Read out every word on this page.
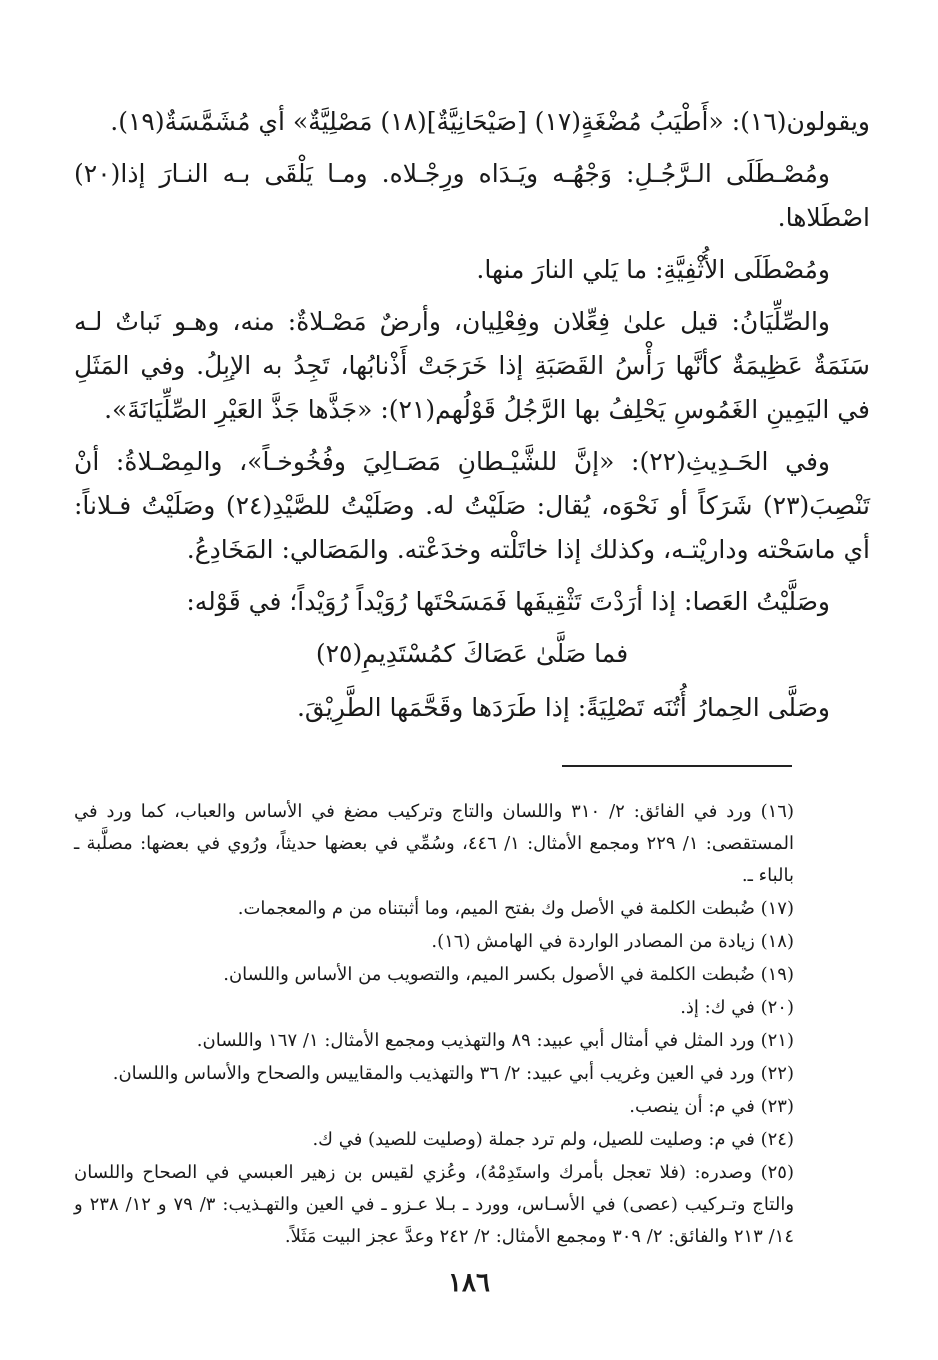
ويقولون(١٦): «أَطْيَبُ مُضْغَةٍ(١٧) [صَيْحَانِيَّةٌ](١٨) مَصْلِيَّةٌ» أي مُشَمَّسَةٌ(١٩).

ومُصْـطَلَى الـرَّجُـلِ: وَجْهُـه ويَـدَاه ورِجْـلاه. ومـا يَلْقَى بـه النـارَ إذا(٢٠) اصْطَلاها.

ومُصْطَلَى الأُثْفِيَّةِ: ما يَلي النارَ منها.

والصِّلِّيَانُ: قيل علىٰ فِعِّلان وفِعْلِيان، وأرضٌ مَصْـلاةٌ: منه، وهـو نَباتٌ لـه سَنَمَةٌ عَظِيمَةٌ كأنَّها رَأْسُ القَصَبَةِ إذا خَرَجَتْ أَذْنابُها، تَجِدُ به الإبِلُ. وفي المَثَلِ في اليَمِينِ الغَمُوسِ يَحْلِفُ بها الرَّجُلُ قَوْلُهم(٢١): «جَذَّها جَذَّ العَيْرِ الصِّلِّيَانَةَ».

وفي الحَـدِيثِ(٢٢): «إنَّ للشَّيْـطانِ مَصَـالِيَ وفُخُوخـاً»، والمِصْـلاةُ: أنْ تَنْصِبَ(٢٣) شَرَكاً أو نَحْوَه، يُقال: صَلَيْتُ له. وصَلَيْتُ للصَّيْدِ(٢٤) وصَلَيْتُ فـلاناً: أي ماسَحْته وداريْتـه، وكذلك إذا خاتَلْته وخدَعْته. والمَصَالي: المَخَادِعُ.

وصَلَّيْتُ العَصا: إذا أرَدْتَ تَثْقِيفَها فَمَسَحْتَها رُوَيْداً رُوَيْداً؛ في قَوْله:

فما صَلَّىٰ عَصَاكَ كمُسْتَدِيمِ(٢٥)

وصَلَّى الحِمارُ أُتُنَه تَصْلِيَةً: إذا طَرَدَها وقَحَّمَها الطَّرِيْقَ.

(١٦) ورد في الفائق: ٢/ ٣١٠ واللسان والتاج وتركيب مضغ في الأساس والعباب، كما ورد في المستقصى: ١/ ٢٢٩ ومجمع الأمثال: ١/ ٤٤٦، وسُمِّي في بعضها حديثاً، ورُوي في بعضها: مصلَّبة ـ بالباء ـ.
(١٧) ضُبطت الكلمة في الأصل وك بفتح الميم، وما أثبتناه من م والمعجمات.
(١٨) زيادة من المصادر الواردة في الهامش (١٦).
(١٩) ضُبطت الكلمة في الأصول بكسر الميم، والتصويب من الأساس واللسان.
(٢٠) في ك: إذ.
(٢١) ورد المثل في أمثال أبي عبيد: ٨٩ والتهذيب ومجمع الأمثال: ١/ ١٦٧ واللسان.
(٢٢) ورد في العين وغريب أبي عبيد: ٢/ ٣٦ والتهذيب والمقاييس والصحاح والأساس واللسان.
(٢٣) في م: أن ينصب.
(٢٤) في م: وصليت للصيل، ولم ترد جملة (وصليت للصيد) في ك.
(٢٥) وصدره: (فلا تعجل بأمرك واستَدِمْهُ)، وعُزي لقيس بن زهير العبسي في الصحاح واللسان والتاج وتـركيب (عصى) في الأسـاس، وورد ـ بـلا عـزو ـ في العين والتهـذيب: ٣/ ٧٩ و ١٢/ ٢٣٨ و ١٤/ ٢١٣ والفائق: ٢/ ٣٠٩ ومجمع الأمثال: ٢/ ٢٤٢ وعدَّ عجز البيت مَثَلاً.
١٨٦
